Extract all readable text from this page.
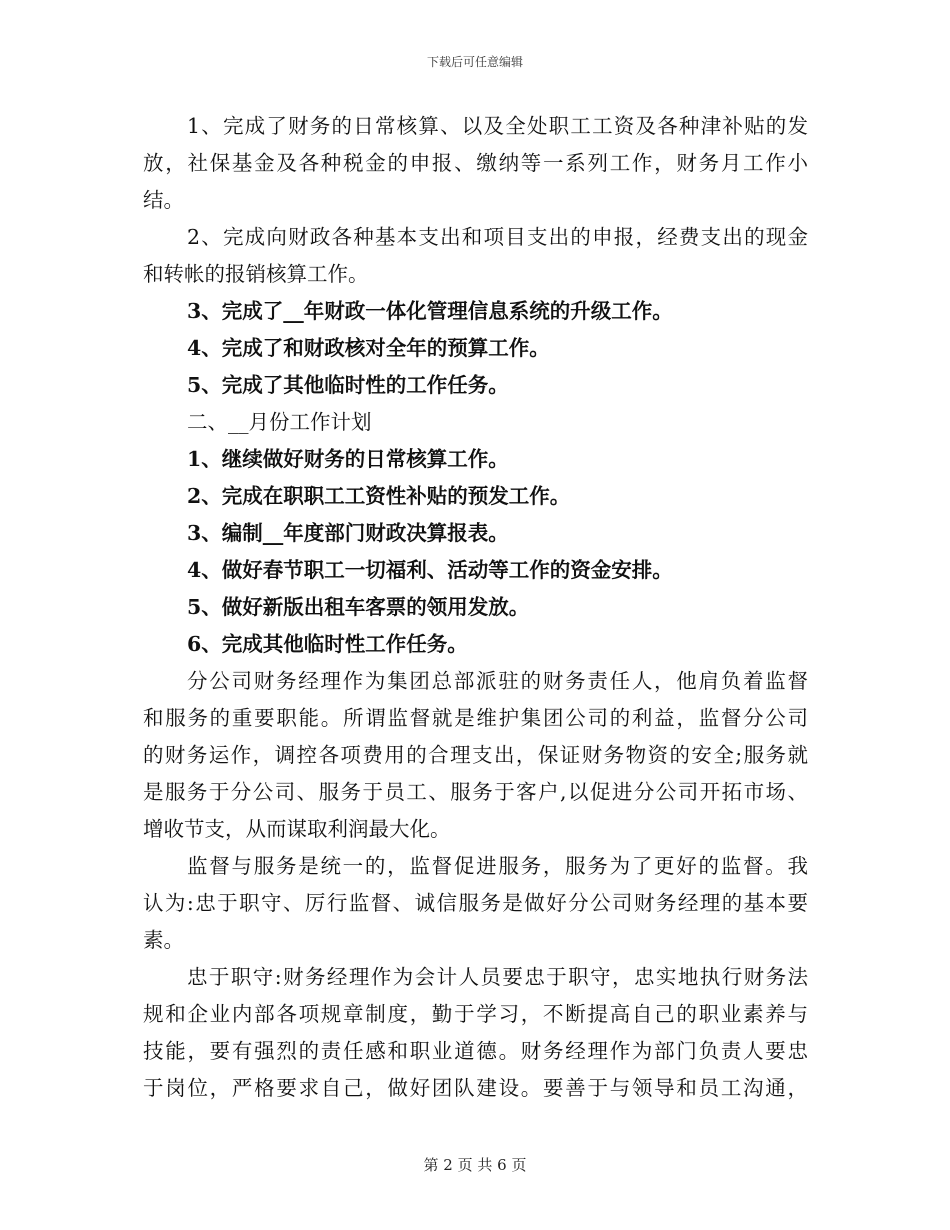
下载后可任意编辑
1、完成了财务的日常核算、以及全处职工工资及各种津补贴的发
放，社保基金及各种税金的申报、缴纳等一系列工作，财务月工作小
结。
2、完成向财政各种基本支出和项目支出的申报，经费支出的现金
和转帐的报销核算工作。
3、完成了__年财政一体化管理信息系统的升级工作。
4、完成了和财政核对全年的预算工作。
5、完成了其他临时性的工作任务。
二、__月份工作计划
1、继续做好财务的日常核算工作。
2、完成在职职工工资性补贴的预发工作。
3、编制__年度部门财政决算报表。
4、做好春节职工一切福利、活动等工作的资金安排。
5、做好新版出租车客票的领用发放。
6、完成其他临时性工作任务。
分公司财务经理作为集团总部派驻的财务责任人，他肩负着监督
和服务的重要职能。所谓监督就是维护集团公司的利益，监督分公司
的财务运作，调控各项费用的合理支出，保证财务物资的安全;服务就
是服务于分公司、服务于员工、服务于客户,以促进分公司开拓市场、
增收节支，从而谋取利润最大化。
监督与服务是统一的，监督促进服务，服务为了更好的监督。我
认为:忠于职守、厉行监督、诚信服务是做好分公司财务经理的基本要
素。
忠于职守:财务经理作为会计人员要忠于职守，忠实地执行财务法
规和企业内部各项规章制度，勤于学习，不断提高自己的职业素养与
技能，要有强烈的责任感和职业道德。财务经理作为部门负责人要忠
于岗位，严格要求自己，做好团队建设。要善于与领导和员工沟通，
第 2 页 共 6 页
